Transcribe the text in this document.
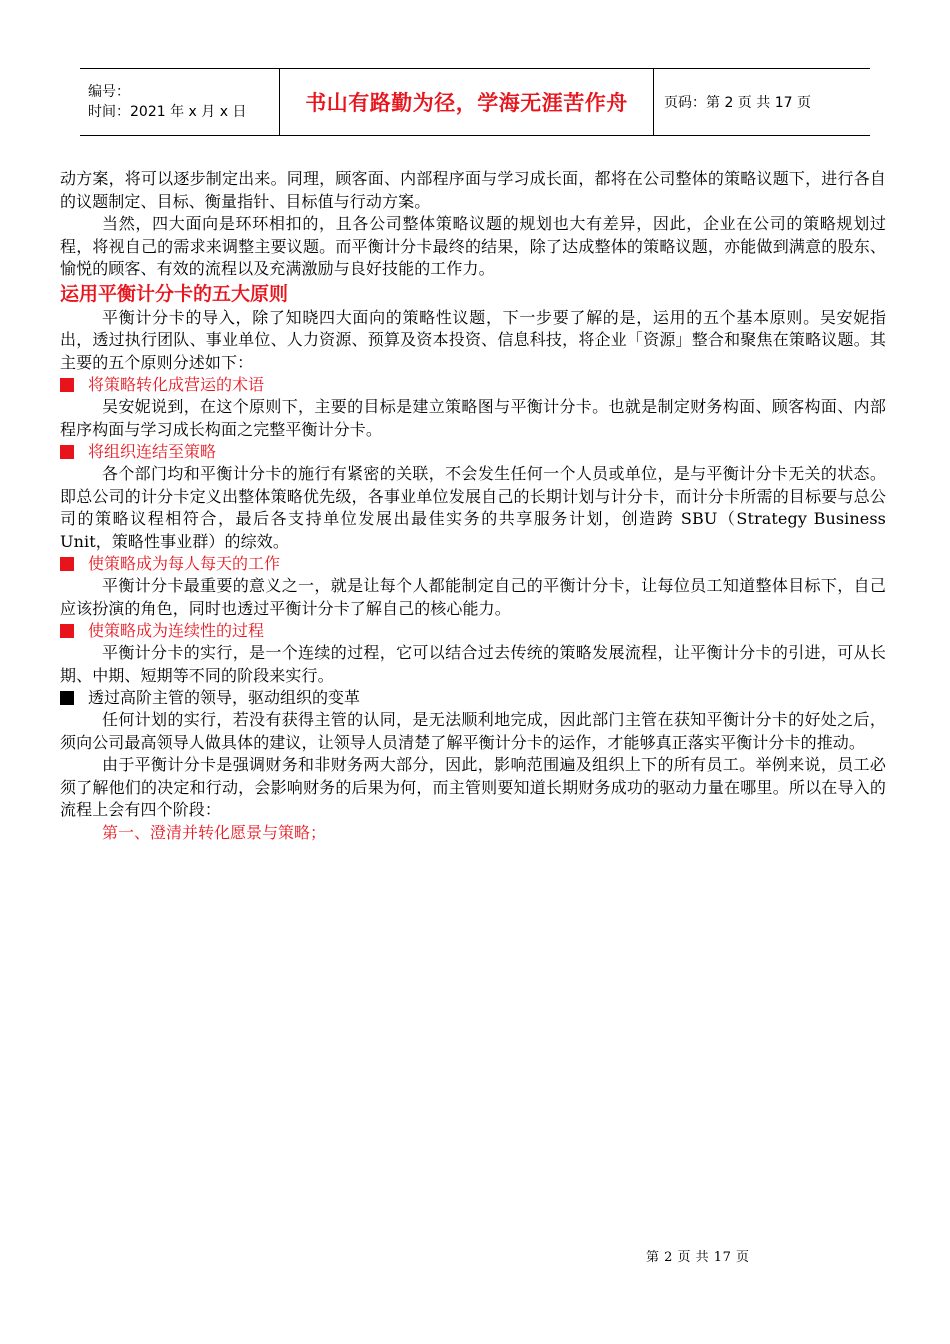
编号：
时间：2021 年 x 月 x 日	书山有路勤为径，学海无涯苦作舟	页码：第 2 页 共 17 页

动方案，将可以逐步制定出来。同理，顾客面、内部程序面与学习成长面，都将在公司整体的策略议题下，进行各自的议题制定、目标、衡量指针、目标值与行动方案。

当然，四大面向是环环相扣的，且各公司整体策略议题的规划也大有差异，因此，企业在公司的策略规划过程，将视自己的需求来调整主要议题。而平衡计分卡最终的结果，除了达成整体的策略议题，亦能做到满意的股东、愉悦的顾客、有效的流程以及充满激励与良好技能的工作力。

运用平衡计分卡的五大原则

平衡计分卡的导入，除了知晓四大面向的策略性议题，下一步要了解的是，运用的五个基本原则。吴安妮指出，透过执行团队、事业单位、人力资源、预算及资本投资、信息科技，将企业「资源」整合和聚焦在策略议题。其主要的五个原则分述如下：

将策略转化成营运的术语

吴安妮说到，在这个原则下，主要的目标是建立策略图与平衡计分卡。也就是制定财务构面、顾客构面、内部程序构面与学习成长构面之完整平衡计分卡。

将组织连结至策略

各个部门均和平衡计分卡的施行有紧密的关联，不会发生任何一个人员或单位，是与平衡计分卡无关的状态。即总公司的计分卡定义出整体策略优先级，各事业单位发展自己的长期计划与计分卡，而计分卡所需的目标要与总公司的策略议程相符合，最后各支持单位发展出最佳实务的共享服务计划，创造跨 SBU（Strategy Business Unit，策略性事业群）的综效。

使策略成为每人每天的工作

平衡计分卡最重要的意义之一，就是让每个人都能制定自己的平衡计分卡，让每位员工知道整体目标下，自己应该扮演的角色，同时也透过平衡计分卡了解自己的核心能力。

使策略成为连续性的过程

平衡计分卡的实行，是一个连续的过程，它可以结合过去传统的策略发展流程，让平衡计分卡的引进，可从长期、中期、短期等不同的阶段来实行。

透过高阶主管的领导，驱动组织的变革

任何计划的实行，若没有获得主管的认同，是无法顺利地完成，因此部门主管在获知平衡计分卡的好处之后，须向公司最高领导人做具体的建议，让领导人员清楚了解平衡计分卡的运作，才能够真正落实平衡计分卡的推动。

由于平衡计分卡是强调财务和非财务两大部分，因此，影响范围遍及组织上下的所有员工。举例来说，员工必须了解他们的决定和行动，会影响财务的后果为何，而主管则要知道长期财务成功的驱动力量在哪里。所以在导入的流程上会有四个阶段：

第一、澄清并转化愿景与策略；

第 2 页 共 17 页
